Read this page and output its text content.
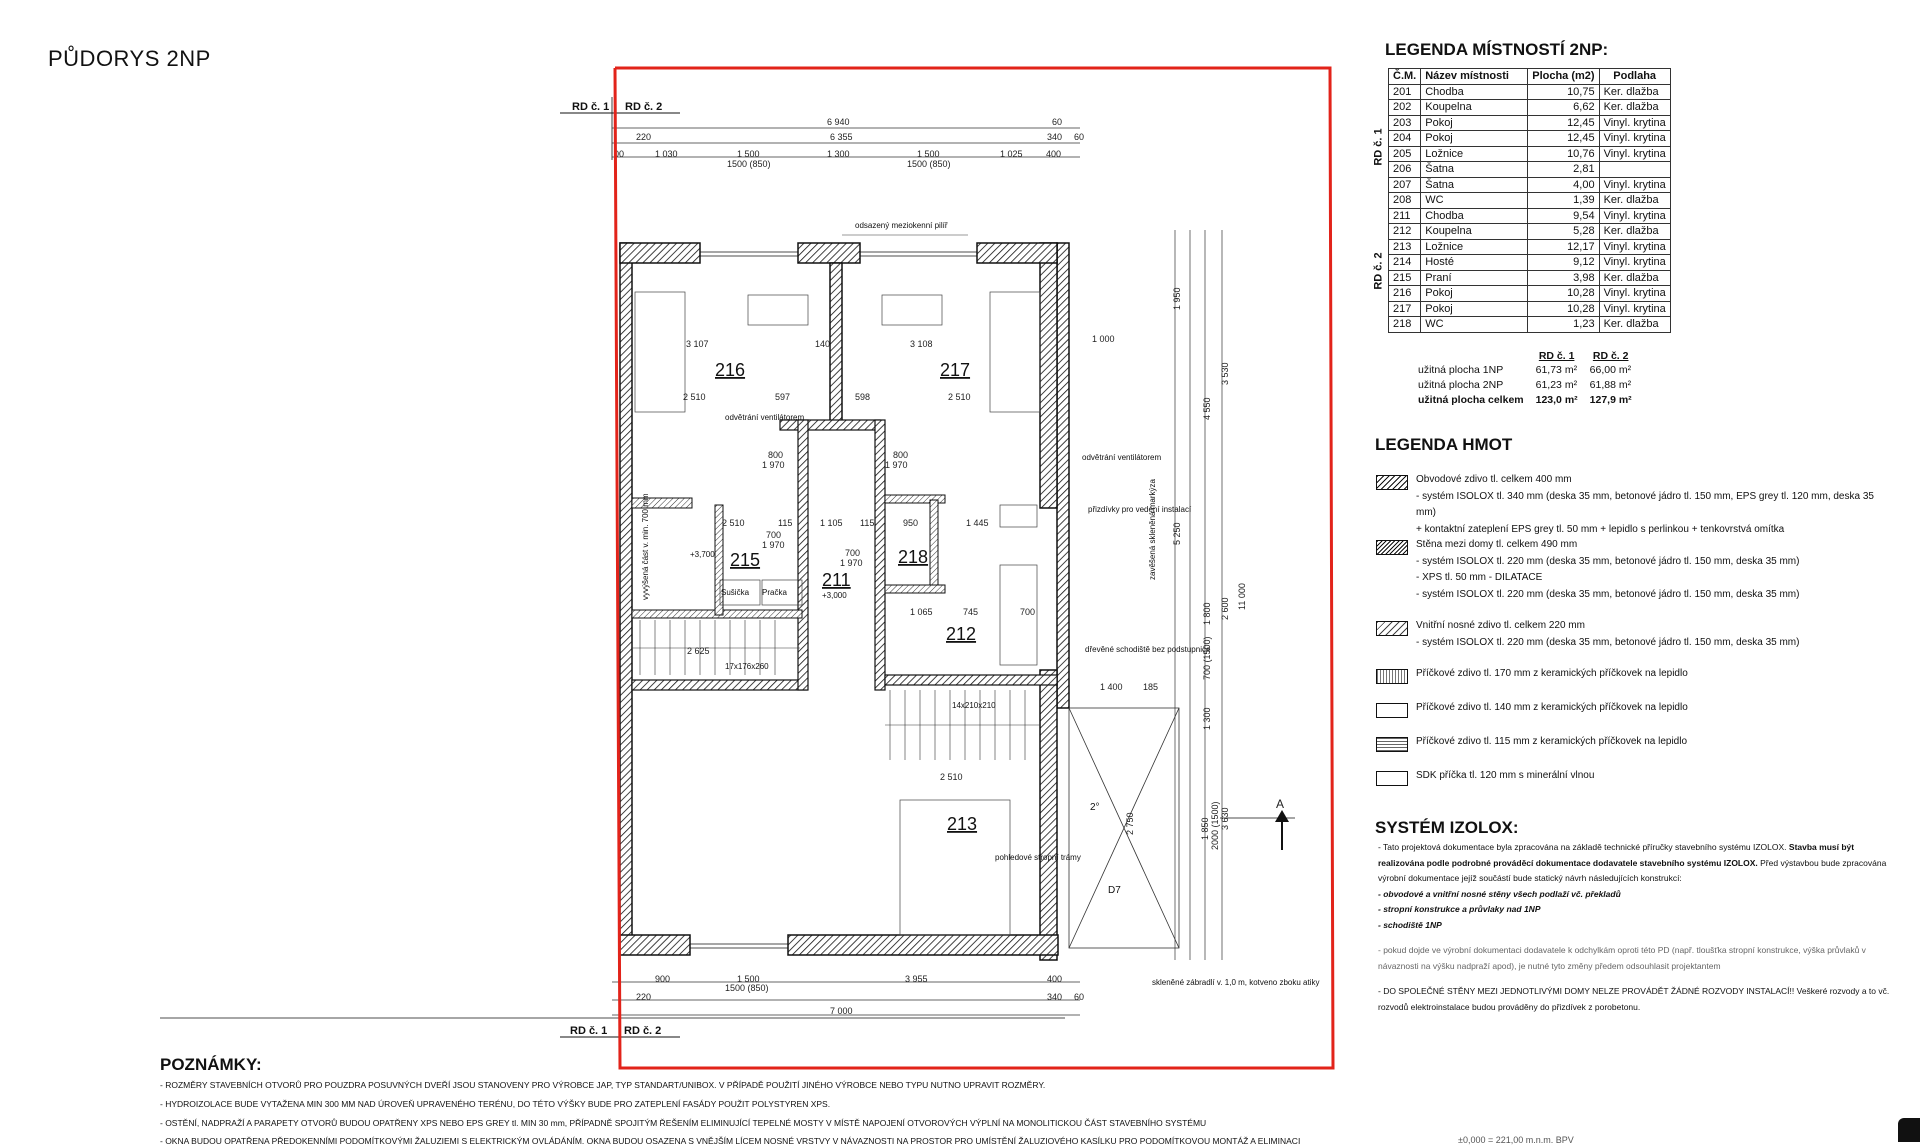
PŮDORYS 2NP
RD č. 1 RD č. 2
RD č. 1 RD č. 2
6 940	60
220	6 355	340 60
00	1 030	1 500	1 300	1 500	1 025	400
1500 (850)	1500 (850)
900	1 500	3 955	400
1500 (850)
220	340 60
7 000
A
216	217
215
211
218
212
213
odsazený meziokenní pilíř
odvětrání ventilátorem
odvětrání ventilátorem
přizdívky pro vedení instalací
dřevěné schodiště bez podstupnice
17x176x260
14x210x210
pohledové stropní trámy
skleněné zábradlí v. 1,0 m, kotveno zboku atiky
2°
D7
Sušička Pračka
+3,700
+3,000
vyvýšená část v. min. 700 mm	zavěšená skleněná markýza
3 107	3 108
2 510	2 510
140
597	598
1 000
800
1 970
800
1 970
2 510	115
700
1 970
1 105 115	950	1 445
700
1 970
1 065	745	700
2 625
1 400 185
2 510
1 950
4 550
5 250
1 800
700 (1500)
2 600
3 530
11 000
1 300
2 750	3 630
1 850 2000 (1500)
LEGENDA MÍSTNOSTÍ 2NP:
	Č.M.	Název místnosti	Plocha (m2)	Podlaha

RD č. 1	201	Chodba	10,75	Ker. dlažba
	202	Koupelna	6,62	Ker. dlažba
	203	Pokoj	12,45	Vinyl. krytina
	204	Pokoj	12,45	Vinyl. krytina
	205	Ložnice	10,76	Vinyl. krytina
	206	Šatna	2,81	
	207	Šatna	4,00	Vinyl. krytina
	208	WC	1,39	Ker. dlažba

RD č. 2	211	Chodba	9,54	Vinyl. krytina
	212	Koupelna	5,28	Ker. dlažba
	213	Ložnice	12,17	Vinyl. krytina
	214	Hosté	9,12	Vinyl. krytina
	215	Praní	3,98	Ker. dlažba
	216	Pokoj	10,28	Vinyl. krytina
	217	Pokoj	10,28	Vinyl. krytina
	218	WC	1,23	Ker. dlažba
	RD č. 1	RD č. 2
užitná plocha 1NP	61,73 m²	66,00 m²
užitná plocha 2NP	61,23 m²	61,88 m²
užitná plocha celkem	123,0 m²	127,9 m²
LEGENDA HMOT
Obvodové zdivo tl. celkem 400 mm
- systém ISOLOX tl. 340 mm (deska 35 mm, betonové jádro tl. 150 mm, EPS grey tl. 120 mm, deska 35 mm)
+ kontaktní zateplení EPS grey tl. 50 mm + lepidlo s perlinkou + tenkovrstvá omítka
Stěna mezi domy tl. celkem 490 mm
- systém ISOLOX tl. 220 mm (deska 35 mm, betonové jádro tl. 150 mm, deska 35 mm)
- XPS tl. 50 mm - DILATACE
- systém ISOLOX tl. 220 mm (deska 35 mm, betonové jádro tl. 150 mm, deska 35 mm)
Vnitřní nosné zdivo tl. celkem 220 mm
- systém ISOLOX tl. 220 mm (deska 35 mm, betonové jádro tl. 150 mm, deska 35 mm)
Příčkové zdivo tl. 170 mm z keramických příčkovek na lepidlo
Příčkové zdivo tl. 140 mm z keramických příčkovek na lepidlo
Příčkové zdivo tl. 115 mm z keramických příčkovek na lepidlo
SDK příčka tl. 120 mm s minerální vlnou
SYSTÉM IZOLOX:
- Tato projektová dokumentace byla zpracována na základě technické příručky stavebního systému IZOLOX. Stavba musí být realizována podle podrobné prováděcí dokumentace dodavatele stavebního systému IZOLOX. Před výstavbou bude zpracována výrobní dokumentace jejíž součástí bude statický návrh následujících konstrukcí:
- obvodové a vnitřní nosné stěny všech podlaží vč. překladů
- stropní konstrukce a průvlaky nad 1NP
- schodiště 1NP
- pokud dojde ve výrobní dokumentaci dodavatele k odchylkám oproti této PD (např. tloušťka stropní konstrukce, výška průvlaků v návaznosti na výšku nadpraží apod), je nutné tyto změny předem odsouhlasit projektantem
- DO SPOLEČNÉ STĚNY MEZI JEDNOTLIVÝMI DOMY NELZE PROVÁDĚT ŽÁDNÉ ROZVODY INSTALACÍ!! Veškeré rozvody a to vč. rozvodů elektroinstalace budou prováděny do přizdívek z porobetonu.
POZNÁMKY:
- ROZMĚRY STAVEBNÍCH OTVORŮ PRO POUZDRA POSUVNÝCH DVEŘÍ JSOU STANOVENY PRO VÝROBCE JAP, TYP STANDART/UNIBOX. V PŘÍPADĚ POUŽITÍ JINÉHO VÝROBCE NEBO TYPU NUTNO UPRAVIT ROZMĚRY.
- HYDROIZOLACE BUDE VYTAŽENA MIN 300 MM NAD ÚROVEŇ UPRAVENÉHO TERÉNU, DO TÉTO VÝŠKY BUDE PRO ZATEPLENÍ FASÁDY POUŽIT POLYSTYREN XPS.
- OSTĚNÍ, NADPRAŽÍ A PARAPETY OTVORŮ BUDOU OPATŘENY XPS NEBO EPS GREY tl. MIN 30 mm, PŘÍPADNĚ SPOJITÝM ŘEŠENÍM ELIMINUJÍCÍ TEPELNÉ MOSTY V MÍSTĚ NAPOJENÍ OTVOROVÝCH VÝPLNÍ NA MONOLITICKOU ČÁST STAVEBNÍHO SYSTÉMU
- OKNA BUDOU OPATŘENA PŘEDOKENNÍMI PODOMÍTKOVÝMI ŽALUZIEMI S ELEKTRICKÝM OVLÁDÁNÍM. OKNA BUDOU OSAZENA S VNĚJŠÍM LÍCEM NOSNÉ VRSTVY V NÁVAZNOSTI NA PROSTOR PRO UMÍSTĚNÍ ŽALUZIOVÉHO KASÍLKU PRO PODOMÍTKOVOU MONTÁŽ A ELIMINACI	±0,000 = 221,00 m.n.m. BPV
